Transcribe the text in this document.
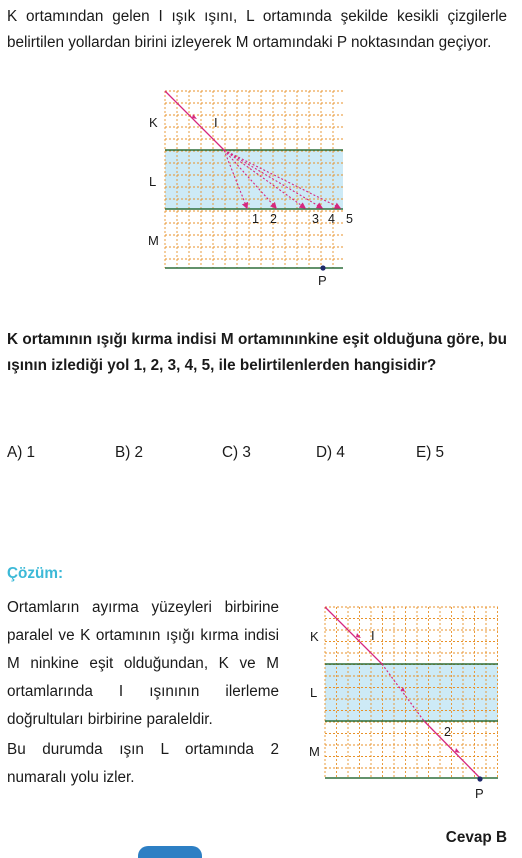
K ortamından gelen I ışık ışını, L ortamında şekilde kesikli çizgilerle belirtilen yollardan birini izleyerek M ortamındaki P noktasından geçiyor.

K
L
M
I
P
1 2	3 4 5

K ortamının ışığı kırma indisi M ortamınınkine eşit olduğuna göre, bu ışının izlediği yol 1, 2, 3, 4, 5, ile belirtilenlerden hangisidir?

A) 1	B) 2	C) 3	D) 4	E) 5
Çözüm:

Ortamların ayırma yüzeyleri birbirine paralel ve K ortamının ışığı kırma indisi M ninkine eşit olduğundan, K ve M ortamlarında I ışınının ilerleme doğrultuları birbirine paraleldir.

Bu durumda ışın L ortamında 2 numaralı yolu izler.

K
L
M
I
2
P
Cevap B
